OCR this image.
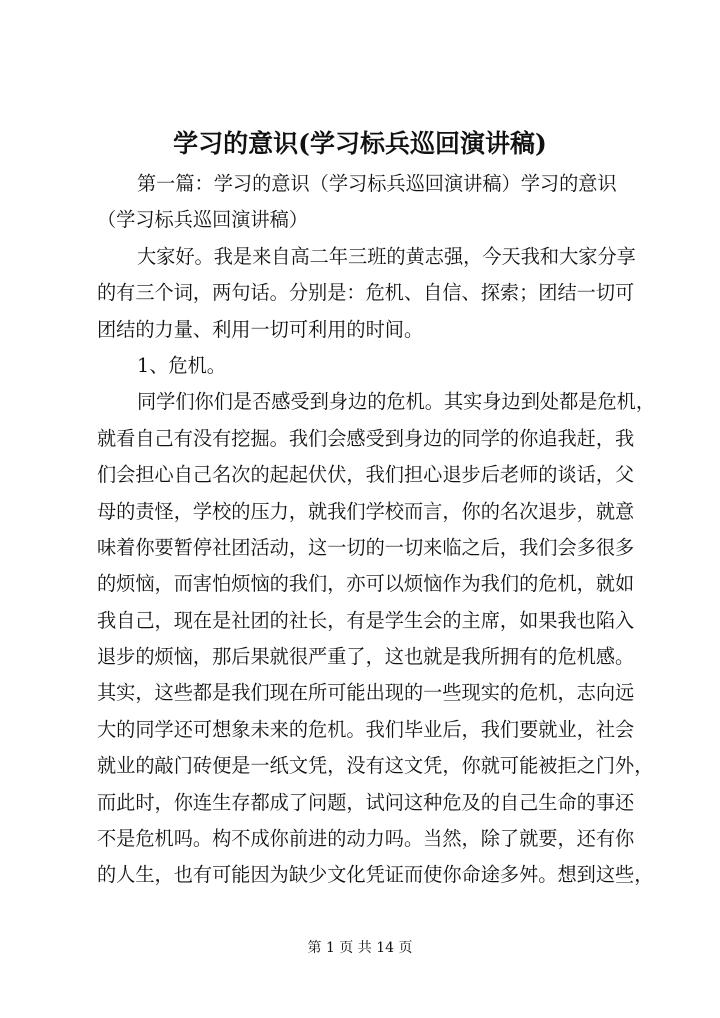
学习的意识(学习标兵巡回演讲稿)
第一篇：学习的意识（学习标兵巡回演讲稿）学习的意识
（学习标兵巡回演讲稿）
大家好。我是来自高二年三班的黄志强，今天我和大家分享
的有三个词，两句话。分别是：危机、自信、探索；团结一切可
团结的力量、利用一切可利用的时间。
1、危机。
同学们你们是否感受到身边的危机。其实身边到处都是危机，
就看自己有没有挖掘。我们会感受到身边的同学的你追我赶，我
们会担心自己名次的起起伏伏，我们担心退步后老师的谈话，父
母的责怪，学校的压力，就我们学校而言，你的名次退步，就意
味着你要暂停社团活动，这一切的一切来临之后，我们会多很多
的烦恼，而害怕烦恼的我们，亦可以烦恼作为我们的危机，就如
我自己，现在是社团的社长，有是学生会的主席，如果我也陷入
退步的烦恼，那后果就很严重了，这也就是我所拥有的危机感。
其实，这些都是我们现在所可能出现的一些现实的危机，志向远
大的同学还可想象未来的危机。我们毕业后，我们要就业，社会
就业的敲门砖便是一纸文凭，没有这文凭，你就可能被拒之门外，
而此时，你连生存都成了问题，试问这种危及的自己生命的事还
不是危机吗。构不成你前进的动力吗。当然，除了就要，还有你
的人生，也有可能因为缺少文化凭证而使你命途多舛。想到这些，
第 1 页 共 14 页
